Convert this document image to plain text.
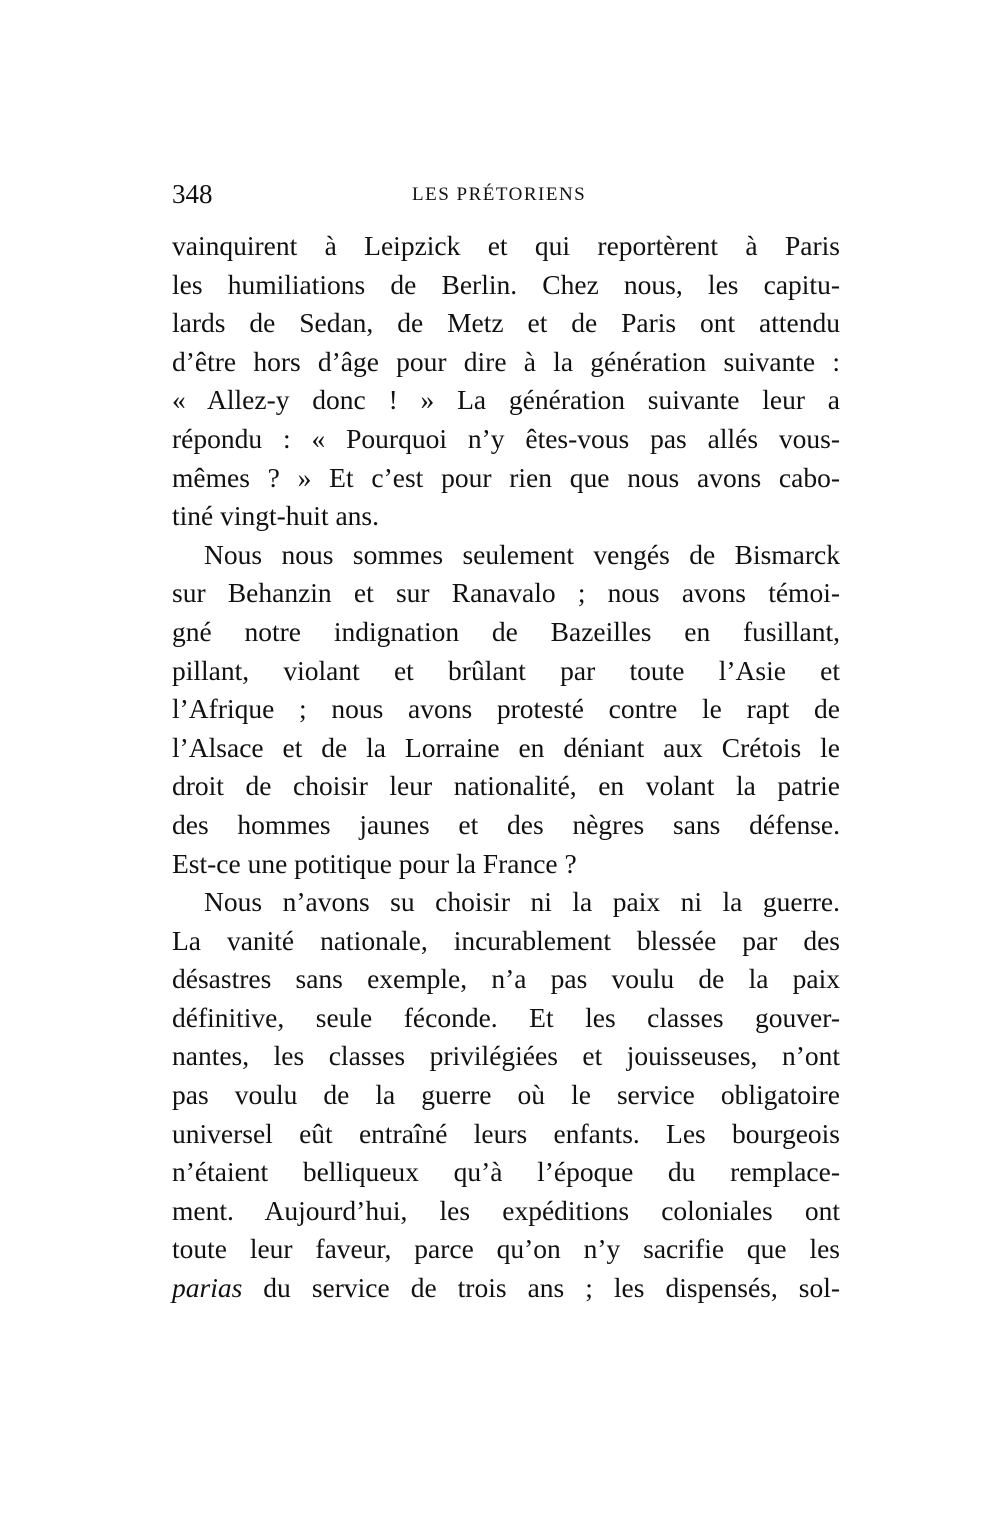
348	LES PRÉTORIENS
vainquirent à Leipzick et qui reportèrent à Paris
les humiliations de Berlin. Chez nous, les capitu-
lards de Sedan, de Metz et de Paris ont attendu
d’être hors d’âge pour dire à la génération suivante :
« Allez-y donc ! » La génération suivante leur a
répondu : « Pourquoi n’y êtes-vous pas allés vous-
mêmes ? » Et c’est pour rien que nous avons cabo-
tiné vingt-huit ans.
Nous nous sommes seulement vengés de Bismarck
sur Behanzin et sur Ranavalo ; nous avons témoi-
gné notre indignation de Bazeilles en fusillant,
pillant, violant et brûlant par toute l’Asie et
l’Afrique ; nous avons protesté contre le rapt de
l’Alsace et de la Lorraine en déniant aux Crétois le
droit de choisir leur nationalité, en volant la patrie
des hommes jaunes et des nègres sans défense.
Est-ce une potitique pour la France ?
Nous n’avons su choisir ni la paix ni la guerre.
La vanité nationale, incurablement blessée par des
désastres sans exemple, n’a pas voulu de la paix
définitive, seule féconde. Et les classes gouver-
nantes, les classes privilégiées et jouisseuses, n’ont
pas voulu de la guerre où le service obligatoire
universel eût entraîné leurs enfants. Les bourgeois
n’étaient belliqueux qu’à l’époque du remplace-
ment. Aujourd’hui, les expéditions coloniales ont
toute leur faveur, parce qu’on n’y sacrifie que les
parias du service de trois ans ; les dispensés, sol-
